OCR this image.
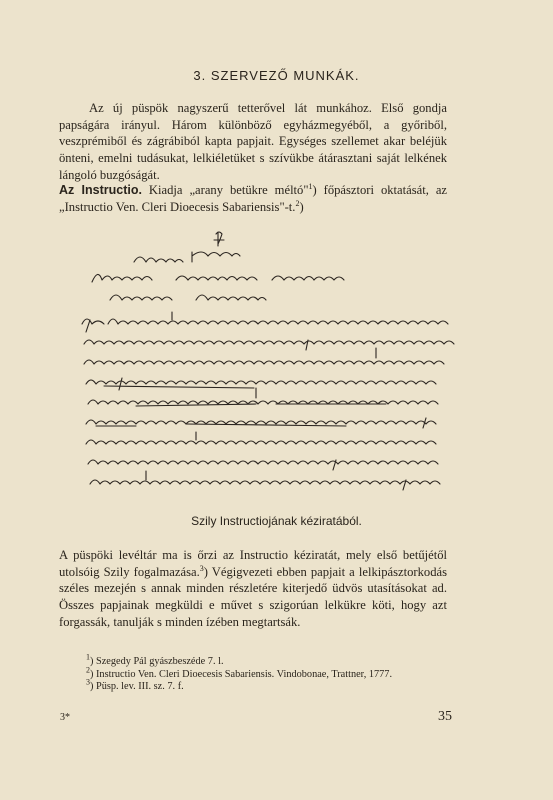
3. SZERVEZŐ MUNKÁK.

Az új püspök nagyszerű tetterővel lát munkához. Első gondja papságára irányul. Három különböző egyházmegyéből, a győriből, veszprémiből és zágrábiból kapta papjait. Egységes szellemet akar beléjük önteni, emelni tudásukat, lelkiéletüket s szívükbe átárasztani saját lelkének lángoló buzgóságát.

Az Instructio. Kiadja „arany betükre méltó"$^1$) főpásztori oktatását, az „Instructio Ven. Cleri Dioecesis Sabariensis"-t.$^2$)

Szily Instructiojának kéziratából.

A püspöki levéltár ma is őrzi az Instructio kéziratát, mely első betűjétől utolsóig Szily fogalmazása.$^3$) Végigvezeti ebben papjait a lelkipásztorkodás széles mezején s annak minden részletére kiterjedő üdvös utasításokat ad. Összes papjainak megküldi e művet s szigorúan lelkükre köti, hogy azt forgassák, tanulják s minden ízében megtartsák.

$^1$) Szegedy Pál gyászbeszéde 7. l.
$^2$) Instructio Ven. Cleri Dioecesis Sabariensis. Vindobonae, Trattner, 1777.
$^3$) Püsp. lev. III. sz. 7. f.
3*	35
